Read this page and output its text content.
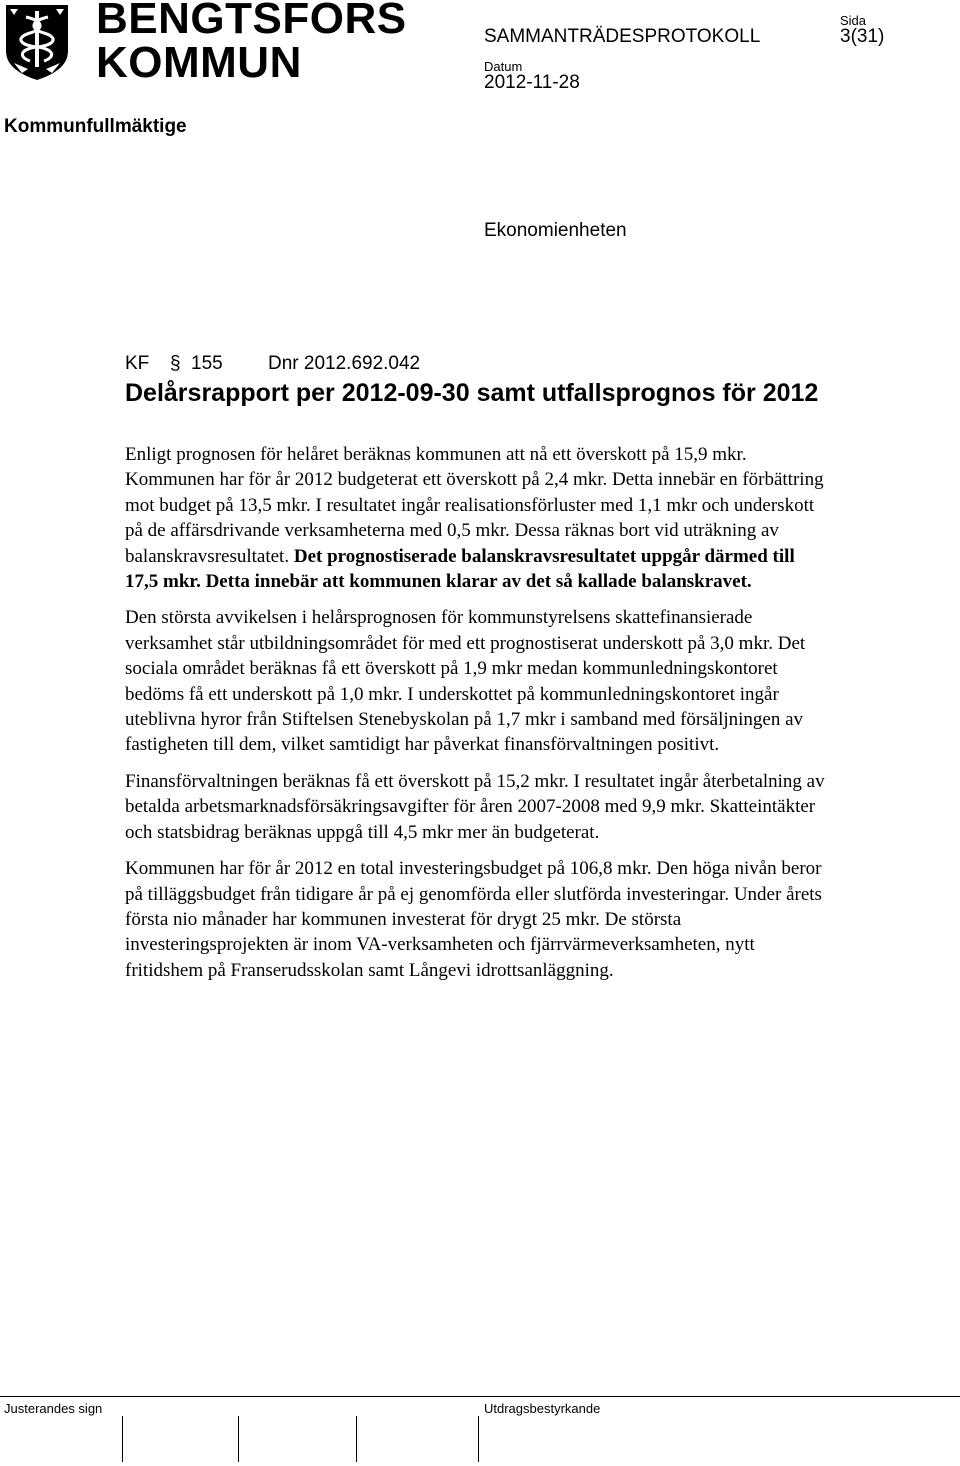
BENGTSFORS
KOMMUN
SAMMANTRÄDESPROTOKOLL
Sida
3(31)
Datum
2012-11-28
Kommunfullmäktige
Ekonomienheten
KF § 155 Dnr 2012.692.042
Delårsrapport per 2012-09-30 samt utfallsprognos för 2012

Enligt prognosen för helåret beräknas kommunen att nå ett överskott på 15,9 mkr. Kommunen har för år 2012 budgeterat ett överskott på 2,4 mkr. Detta innebär en förbättring mot budget på 13,5 mkr. I resultatet ingår realisationsförluster med 1,1 mkr och underskott på de affärsdrivande verksamheterna med 0,5 mkr. Dessa räknas bort vid uträkning av balanskravsresultatet. Det prognostiserade balanskravsresultatet uppgår därmed till 17,5 mkr. Detta innebär att kommunen klarar av det så kallade balanskravet.

Den största avvikelsen i helårsprognosen för kommunstyrelsens skattefinansierade verksamhet står utbildningsområdet för med ett prognostiserat underskott på 3,0 mkr. Det sociala området beräknas få ett överskott på 1,9 mkr medan kommunledningskontoret bedöms få ett underskott på 1,0 mkr. I underskottet på kommunledningskontoret ingår uteblivna hyror från Stiftelsen Stenebyskolan på 1,7 mkr i samband med försäljningen av fastigheten till dem, vilket samtidigt har påverkat finansförvaltningen positivt.

Finansförvaltningen beräknas få ett överskott på 15,2 mkr. I resultatet ingår återbetalning av betalda arbetsmarknadsförsäkringsavgifter för åren 2007-2008 med 9,9 mkr. Skatteintäkter och statsbidrag beräknas uppgå till 4,5 mkr mer än budgeterat.

Kommunen har för år 2012 en total investeringsbudget på 106,8 mkr. Den höga nivån beror på tilläggsbudget från tidigare år på ej genomförda eller slutförda investeringar. Under årets första nio månader har kommunen investerat för drygt 25 mkr. De största investeringsprojekten är inom VA-verksamheten och fjärrvärmeverksamheten, nytt fritidshem på Franserudsskolan samt Långevi idrottsanläggning.

Justerandes sign	Utdragsbestyrkande
